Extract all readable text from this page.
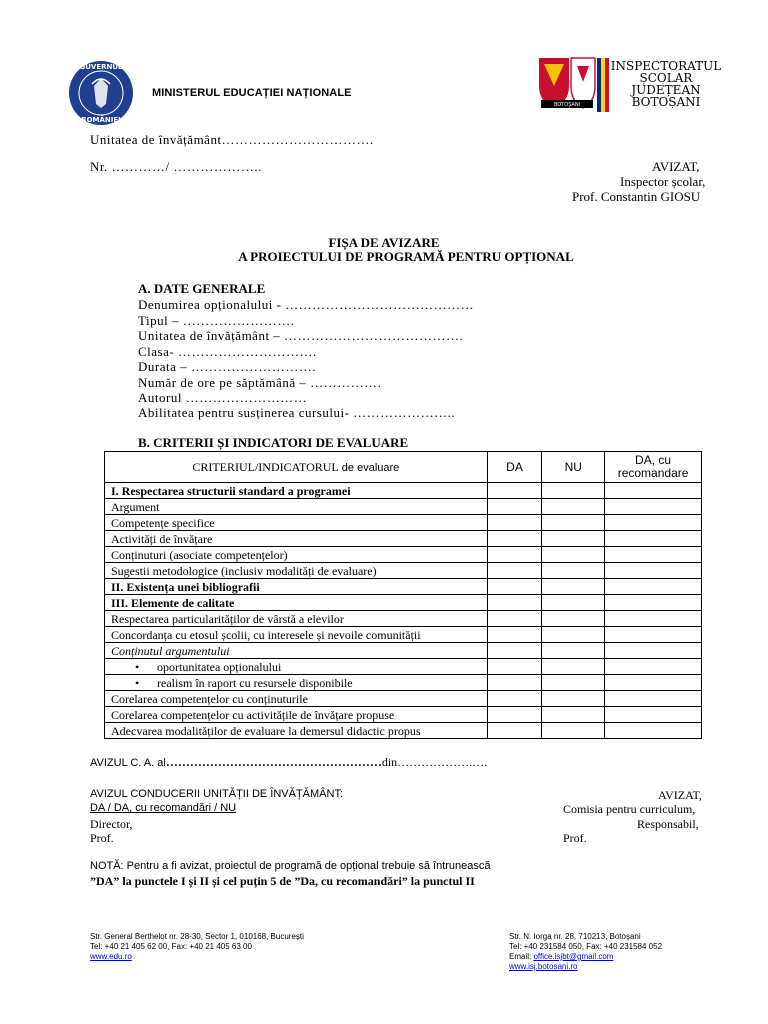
GUVERNUL
ROMÂNIEI
MINISTERUL EDUCAȚIEI NAȚIONALE
BOTOȘANI
INSPECTORATUL
ȘCOLAR
JUDEȚEAN
BOTOȘANI
Unitatea de învățământ…………………………….
Nr. …………/ ………………..	AVIZAT,
Inspector școlar,
Prof. Constantin GIOSU
FIȘA DE AVIZARE
A PROIECTULUI DE PROGRAMĂ PENTRU OPȚIONAL
A. DATE GENERALE
Denumirea opționalului - ……………………………………
Tipul – …………………….
Unitatea de învățământ – ………………………………….
Clasa- ………………………….
Durata – ……………………….
Număr de ore pe săptămână – …………….
Autorul ………………………
Abilitatea pentru susținerea cursului- …………………..
B. CRITERII ȘI INDICATORI DE EVALUARE
CRITERIUL/INDICATORUL de evaluare	DA	NU	DA, cu
recomandare
I. Respectarea structurii standard a programei			
Argument			
Competențe specifice			
Activități de învățare			
Conținuturi (asociate competențelor)			
Sugestii metodologice (inclusiv modalități de evaluare)			
II. Existența unei bibliografii			
III. Elemente de calitate			
Respectarea particularităților de vârstă a elevilor			
Concordanța cu etosul școlii, cu interesele și nevoile comunității			
Conținutul argumentului			
• oportunitatea opționalului			
• realism în raport cu resursele disponibile			
Corelarea competențelor cu conținuturile			
Corelarea competențelor cu activitățile de învățare propuse			
Adecvarea modalităților de evaluare la demersul didactic propus			
AVIZUL C. A. al………………………………………………din……………….….
AVIZUL CONDUCERII UNITĂȚII DE ÎNVĂȚĂMÂNT:
DA / DA, cu recomandări / NU
Director,
Prof.
AVIZAT,
Comisia pentru curriculum,
Responsabil,
Prof.
NOTĂ: Pentru a fi avizat, proiectul de programă de opțional trebuie să întrunească
”DA” la punctele I și II și cel puțin 5 de ”Da, cu recomandări” la punctul II
Str. General Berthelot nr. 28-30, Sector 1, 010168, București
Tel: +40 21 405 62 00, Fax: +40 21 405 63 00
www.edu.ro
Str. N. Iorga nr. 28, 710213, Botoșani
Tel: +40 231584 050, Fax: +40 231584 052
Email: office.isjbt@gmail.com
www.isj.botosani.ro
